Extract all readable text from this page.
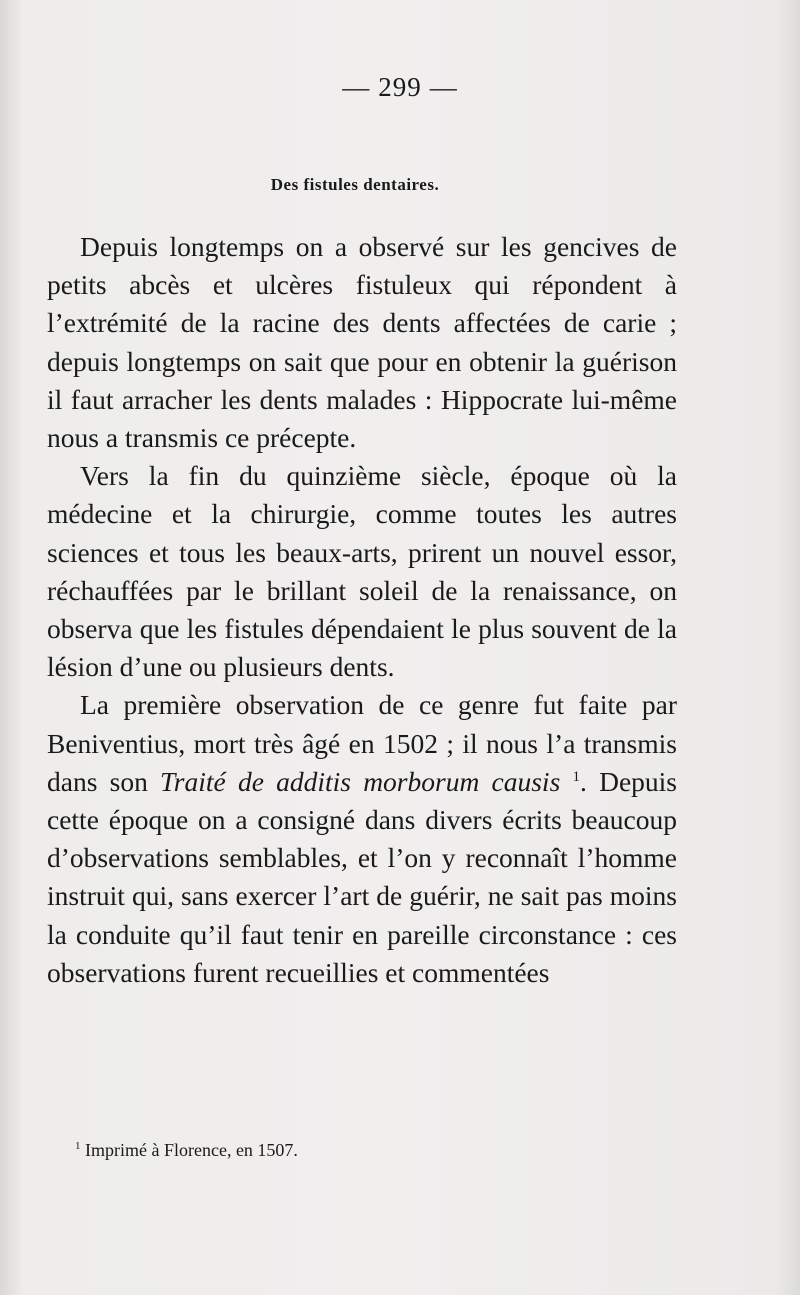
— 299 —
Des fistules dentaires.

Depuis longtemps on a observé sur les gencives de petits abcès et ulcères fistuleux qui répondent à l’extrémité de la racine des dents affectées de carie ; depuis longtemps on sait que pour en obtenir la guérison il faut arracher les dents malades : Hippocrate lui-même nous a transmis ce précepte.

Vers la fin du quinzième siècle, époque où la médecine et la chirurgie, comme toutes les autres sciences et tous les beaux-arts, prirent un nouvel essor, réchauffées par le brillant soleil de la renaissance, on observa que les fistules dépendaient le plus souvent de la lésion d’une ou plusieurs dents.

La première observation de ce genre fut faite par Beniventius, mort très âgé en 1502 ; il nous l’a transmis dans son Traité de additis morborum causis $^1$. Depuis cette époque on a consigné dans divers écrits beaucoup d’observations semblables, et l’on y reconnaît l’homme instruit qui, sans exercer l’art de guérir, ne sait pas moins la conduite qu’il faut tenir en pareille circonstance : ces observations furent recueillies et commentées

$^1$ Imprimé à Florence, en 1507.
